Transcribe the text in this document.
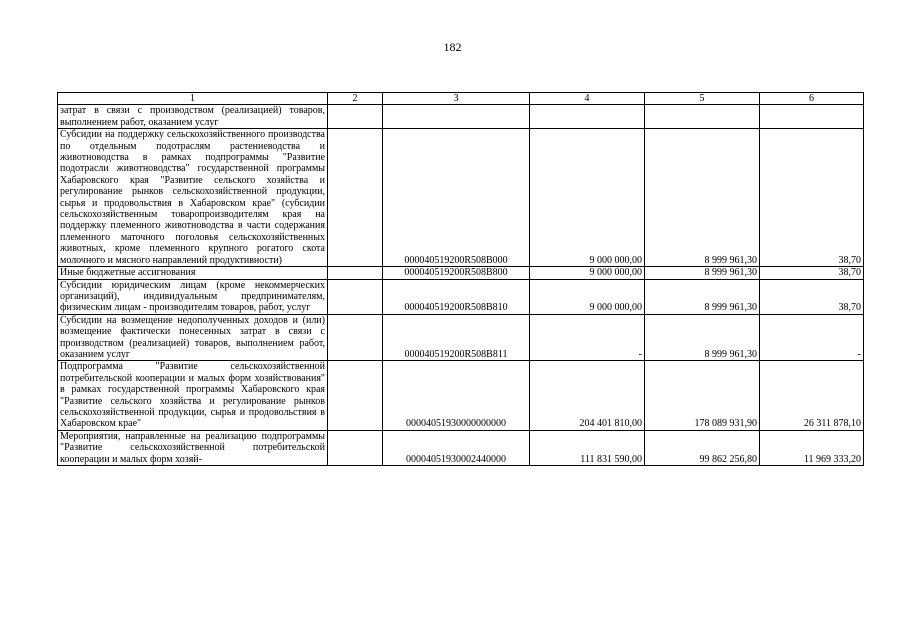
182
1	2	3	4	5	6
затрат в связи с производством (реализацией) товаров, выполнением работ, оказанием услуг					
Субсидии на поддержку сельскохозяйственного производства по отдельным подотраслям растениеводства и животноводства в рамках подпрограммы "Развитие подотрасли животноводства" государственной программы Хабаровского края "Развитие сельского хозяйства и регулирование рынков сельскохозяйственной продукции, сырья и продовольствия в Хабаровском крае" (субсидии сельскохозяйственным товаропроизводителям края на поддержку племенного животноводства в части содержания племенного маточного поголовья сельскохозяйственных животных, кроме племенного крупного рогатого скота молочного и мясного направлений продуктивности)		000040519200R508B000	9 000 000,00	8 999 961,30	38,70
Иные бюджетные ассигнования		000040519200R508B800	9 000 000,00	8 999 961,30	38,70
Субсидии юридическим лицам (кроме некоммерческих организаций), индивидуальным предпринимателям, физическим лицам - производителям товаров, работ, услуг		000040519200R508B810	9 000 000,00	8 999 961,30	38,70
Субсидии на возмещение недополученных доходов и (или) возмещение фактически понесенных затрат в связи с производством (реализацией) товаров, выполнением работ, оказанием услуг		000040519200R508B811	-	8 999 961,30	-
Подпрограмма "Развитие сельскохозяйственной потребительской кооперации и малых форм хозяйствования" в рамках государственной программы Хабаровского края "Развитие сельского хозяйства и регулирование рынков сельскохозяйственной продукции, сырья и продовольствия в Хабаровском крае"		00004051930000000000	204 401 810,00	178 089 931,90	26 311 878,10
Мероприятия, направленные на реализацию подпрограммы "Развитие сельскохозяйственной потребительской кооперации и малых форм хозяй-		00004051930002440000	111 831 590,00	99 862 256,80	11 969 333,20
